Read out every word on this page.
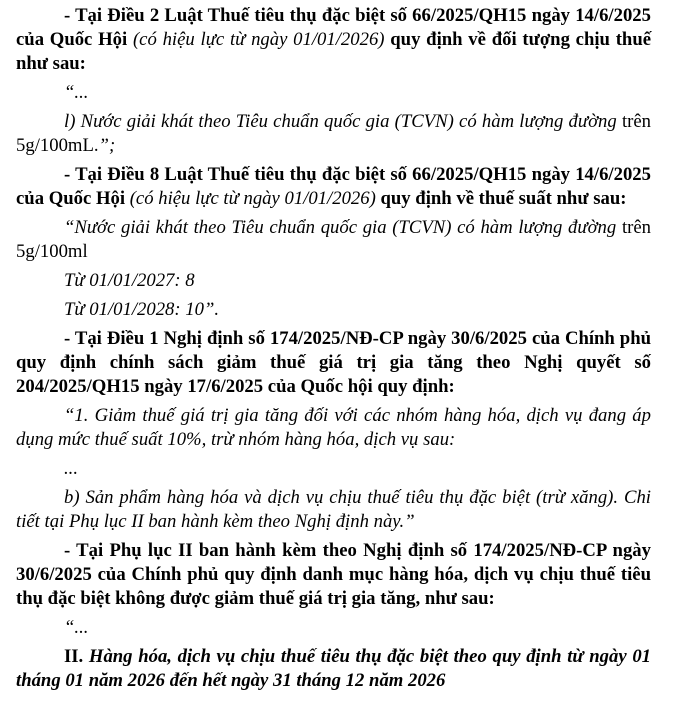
- Tại Điều 2 Luật Thuế tiêu thụ đặc biệt số 66/2025/QH15 ngày 14/6/2025 của Quốc Hội (có hiệu lực từ ngày 01/01/2026) quy định về đối tượng chịu thuế như sau:

“...

l) Nước giải khát theo Tiêu chuẩn quốc gia (TCVN) có hàm lượng đường trên 5g/100mL.”;

- Tại Điều 8 Luật Thuế tiêu thụ đặc biệt số 66/2025/QH15 ngày 14/6/2025 của Quốc Hội (có hiệu lực từ ngày 01/01/2026) quy định về thuế suất như sau:

“Nước giải khát theo Tiêu chuẩn quốc gia (TCVN) có hàm lượng đường trên 5g/100ml

Từ 01/01/2027: 8

Từ 01/01/2028: 10”.

- Tại Điều 1 Nghị định số 174/2025/NĐ-CP ngày 30/6/2025 của Chính phủ quy định chính sách giảm thuế giá trị gia tăng theo Nghị quyết số 204/2025/QH15 ngày 17/6/2025 của Quốc hội quy định:

“1. Giảm thuế giá trị gia tăng đối với các nhóm hàng hóa, dịch vụ đang áp dụng mức thuế suất 10%, trừ nhóm hàng hóa, dịch vụ sau:

...

b) Sản phẩm hàng hóa và dịch vụ chịu thuế tiêu thụ đặc biệt (trừ xăng). Chi tiết tại Phụ lục II ban hành kèm theo Nghị định này.”

- Tại Phụ lục II ban hành kèm theo Nghị định số 174/2025/NĐ-CP ngày 30/6/2025 của Chính phủ quy định danh mục hàng hóa, dịch vụ chịu thuế tiêu thụ đặc biệt không được giảm thuế giá trị gia tăng, như sau:

“...

II. Hàng hóa, dịch vụ chịu thuế tiêu thụ đặc biệt theo quy định từ ngày 01 tháng 01 năm 2026 đến hết ngày 31 tháng 12 năm 2026
